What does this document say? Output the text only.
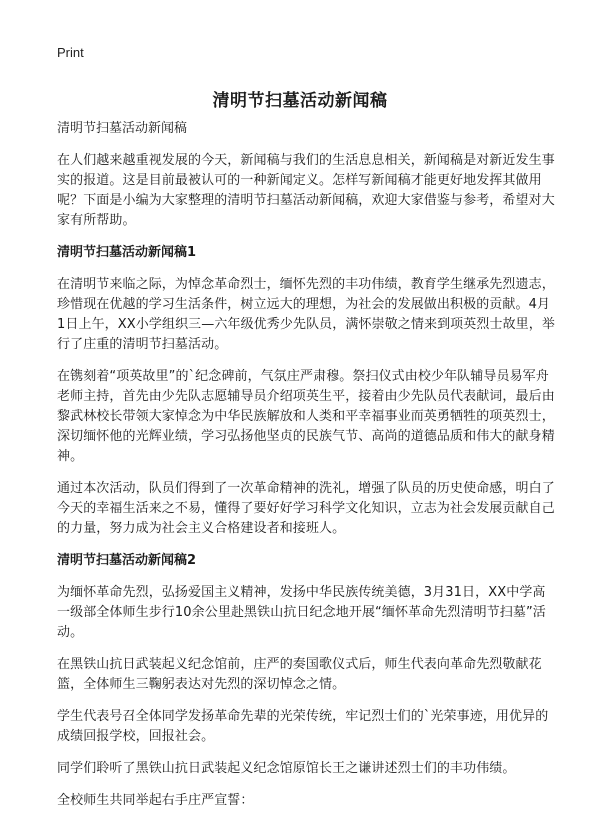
Print
清明节扫墓活动新闻稿
清明节扫墓活动新闻稿

在人们越来越重视发展的今天，新闻稿与我们的生活息息相关，新闻稿是对新近发生事实的报道。这是目前最被认可的一种新闻定义。怎样写新闻稿才能更好地发挥其做用呢？下面是小编为大家整理的清明节扫墓活动新闻稿，欢迎大家借鉴与参考，希望对大家有所帮助。

清明节扫墓活动新闻稿1

在清明节来临之际，为悼念革命烈士，缅怀先烈的丰功伟绩，教育学生继承先烈遗志，珍惜现在优越的学习生活条件，树立远大的理想，为社会的发展做出积极的贡献。4月1日上午，XX小学组织三—六年级优秀少先队员，满怀崇敬之情来到项英烈士故里，举行了庄重的清明节扫墓活动。

在镌刻着“项英故里”的`纪念碑前，气氛庄严肃穆。祭扫仪式由校少年队辅导员易军舟老师主持，首先由少先队志愿辅导员介绍项英生平，接着由少先队员代表献词，最后由黎武林校长带领大家悼念为中华民族解放和人类和平幸福事业而英勇牺牲的项英烈士，深切缅怀他的光辉业绩，学习弘扬他坚贞的民族气节、高尚的道德品质和伟大的献身精神。

通过本次活动，队员们得到了一次革命精神的洗礼，增强了队员的历史使命感，明白了今天的幸福生活来之不易，懂得了要好好学习科学文化知识，立志为社会发展贡献自己的力量，努力成为社会主义合格建设者和接班人。

清明节扫墓活动新闻稿2

为缅怀革命先烈，弘扬爱国主义精神，发扬中华民族传统美德，3月31日，XX中学高一级部全体师生步行10余公里赴黑铁山抗日纪念地开展“缅怀革命先烈清明节扫墓”活动。

在黑铁山抗日武装起义纪念馆前，庄严的奏国歌仪式后，师生代表向革命先烈敬献花篮，全体师生三鞠躬表达对先烈的深切悼念之情。

学生代表号召全体同学发扬革命先辈的光荣传统，牢记烈士们的`光荣事迹，用优异的成绩回报学校，回报社会。

同学们聆听了黑铁山抗日武装起义纪念馆原馆长王之谦讲述烈士们的丰功伟绩。

全校师生共同举起右手庄严宣誓：
